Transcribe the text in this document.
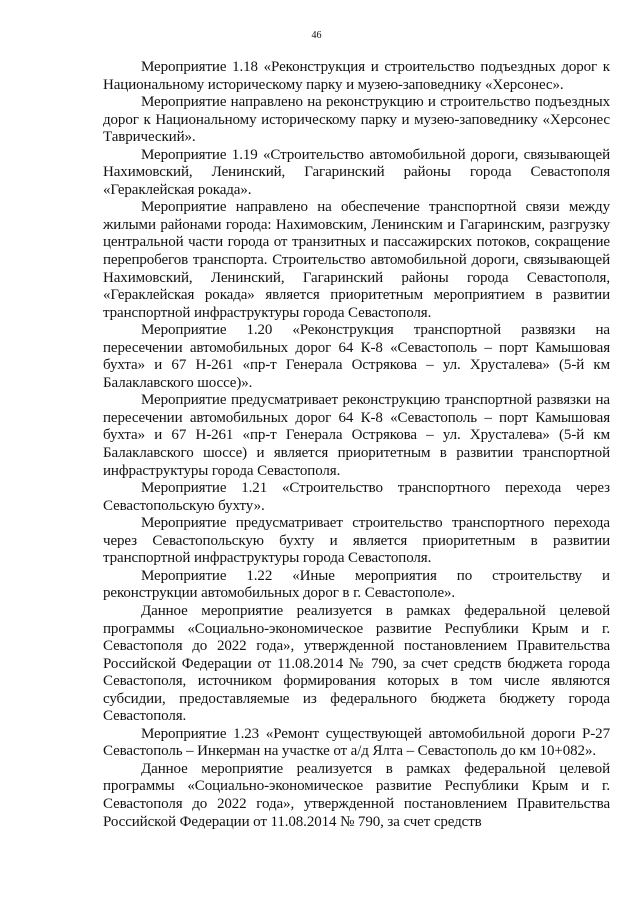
46

Мероприятие 1.18 «Реконструкция и строительство подъездных дорог к Национальному историческому парку и музею-заповеднику «Херсонес».

Мероприятие направлено на реконструкцию и строительство подъездных дорог к Национальному историческому парку и музею-заповеднику «Херсонес Таврический».

Мероприятие 1.19 «Строительство автомобильной дороги, связывающей Нахимовский, Ленинский, Гагаринский районы города Севастополя «Гераклейская рокада».

Мероприятие направлено на обеспечение транспортной связи между жилыми районами города: Нахимовским, Ленинским и Гагаринским, разгрузку центральной части города от транзитных и пассажирских потоков, сокращение перепробегов транспорта. Строительство автомобильной дороги, связывающей Нахимовский, Ленинский, Гагаринский районы города Севастополя, «Гераклейская рокада» является приоритетным мероприятием в развитии транспортной инфраструктуры города Севастополя.

Мероприятие 1.20 «Реконструкция транспортной развязки на пересечении автомобильных дорог 64 К-8 «Севастополь – порт Камышовая бухта» и 67 Н-261 «пр-т Генерала Острякова – ул. Хрусталева» (5-й км Балаклавского шоссе)».

Мероприятие предусматривает реконструкцию транспортной развязки на пересечении автомобильных дорог 64 К-8 «Севастополь – порт Камышовая бухта» и 67 Н-261 «пр-т Генерала Острякова – ул. Хрусталева» (5-й км Балаклавского шоссе) и является приоритетным в развитии транспортной инфраструктуры города Севастополя.

Мероприятие 1.21 «Строительство транспортного перехода через Севастопольскую бухту».

Мероприятие предусматривает строительство транспортного перехода через Севастопольскую бухту и является приоритетным в развитии транспортной инфраструктуры города Севастополя.

Мероприятие 1.22 «Иные мероприятия по строительству и реконструкции автомобильных дорог в г. Севастополе».

Данное мероприятие реализуется в рамках федеральной целевой программы «Социально-экономическое развитие Республики Крым и г. Севастополя до 2022 года», утвержденной постановлением Правительства Российской Федерации от 11.08.2014 № 790, за счет средств бюджета города Севастополя, источником формирования которых в том числе являются субсидии, предоставляемые из федерального бюджета бюджету города Севастополя.

Мероприятие 1.23 «Ремонт существующей автомобильной дороги Р-27 Севастополь – Инкерман на участке от а/д Ялта – Севастополь до км 10+082».

Данное мероприятие реализуется в рамках федеральной целевой программы «Социально-экономическое развитие Республики Крым и г. Севастополя до 2022 года», утвержденной постановлением Правительства Российской Федерации от 11.08.2014 № 790, за счет средств
